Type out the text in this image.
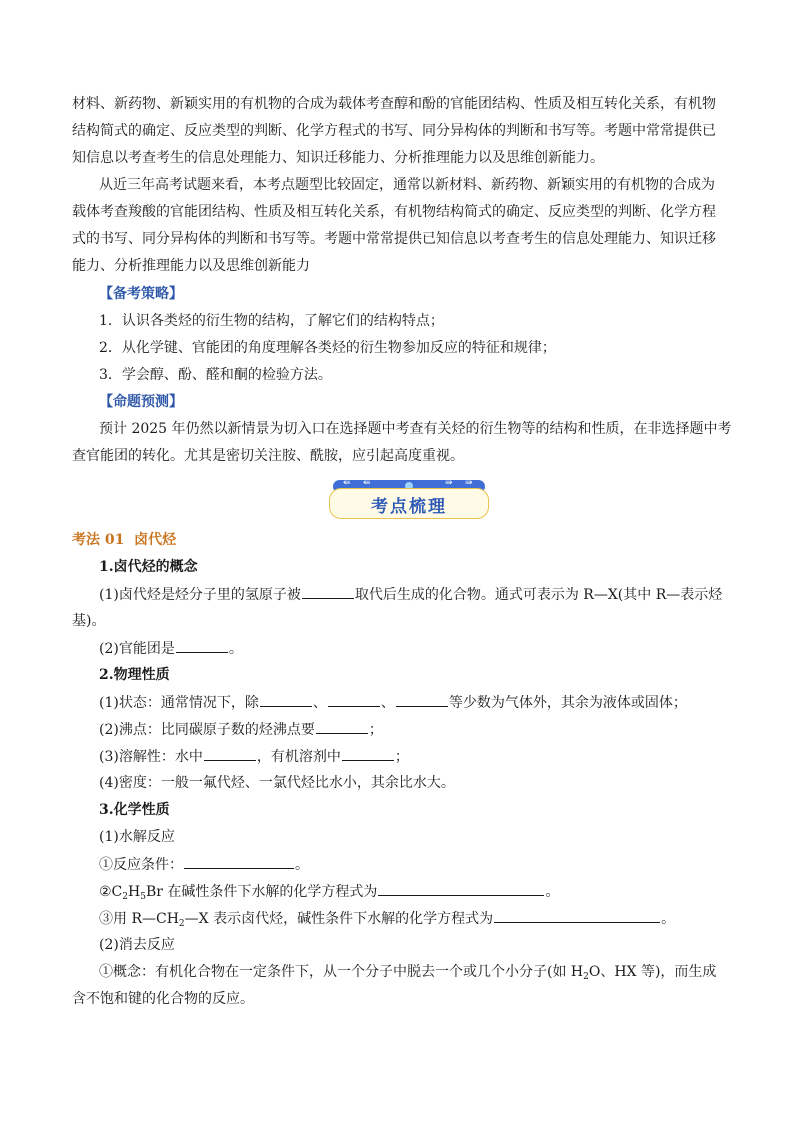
材料、新药物、新颖实用的有机物的合成为载体考查醇和酚的官能团结构、性质及相互转化关系，有机物
结构简式的确定、反应类型的判断、化学方程式的书写、同分异构体的判断和书写等。考题中常常提供已
知信息以考查考生的信息处理能力、知识迁移能力、分析推理能力以及思维创新能力。
从近三年高考试题来看，本考点题型比较固定，通常以新材料、新药物、新颖实用的有机物的合成为
载体考查羧酸的官能团结构、性质及相互转化关系，有机物结构简式的确定、反应类型的判断、化学方程
式的书写、同分异构体的判断和书写等。考题中常常提供已知信息以考查考生的信息处理能力、知识迁移
能力、分析推理能力以及思维创新能力
【备考策略】
1．认识各类烃的衍生物的结构，了解它们的结构特点；
2．从化学键、官能团的角度理解各类烃的衍生物参加反应的特征和规律；
3．学会醇、酚、醛和酮的检验方法。
【命题预测】
预计 2025 年仍然以新情景为切入口在选择题中考查有关烃的衍生物等的结构和性质，在非选择题中考
查官能团的转化。尤其是密切关注胺、酰胺，应引起高度重视。
⇚ ⇚	⇛ ⇛
考点梳理
考法 01 卤代烃
1.卤代烃的概念
(1)卤代烃是烃分子里的氢原子被	取代后生成的化合物。通式可表示为 R—X(其中 R—表示烃
基)。
(2)官能团是	。
2.物理性质
(1)状态：通常情况下，除	、	、	等少数为气体外，其余为液体或固体；
(2)沸点：比同碳原子数的烃沸点要	；
(3)溶解性：水中	，有机溶剂中	；
(4)密度：一般一氟代烃、一氯代烃比水小，其余比水大。
3.化学性质
(1)水解反应
①反应条件：	。
$②C_2H_5Br$ 在碱性条件下水解的化学方程式为	。
③用 $R—CH_2—X$ 表示卤代烃，碱性条件下水解的化学方程式为	。
(2)消去反应
①概念：有机化合物在一定条件下，从一个分子中脱去一个或几个小分子(如 $H_2O$、HX 等)，而生成
含不饱和键的化合物的反应。
